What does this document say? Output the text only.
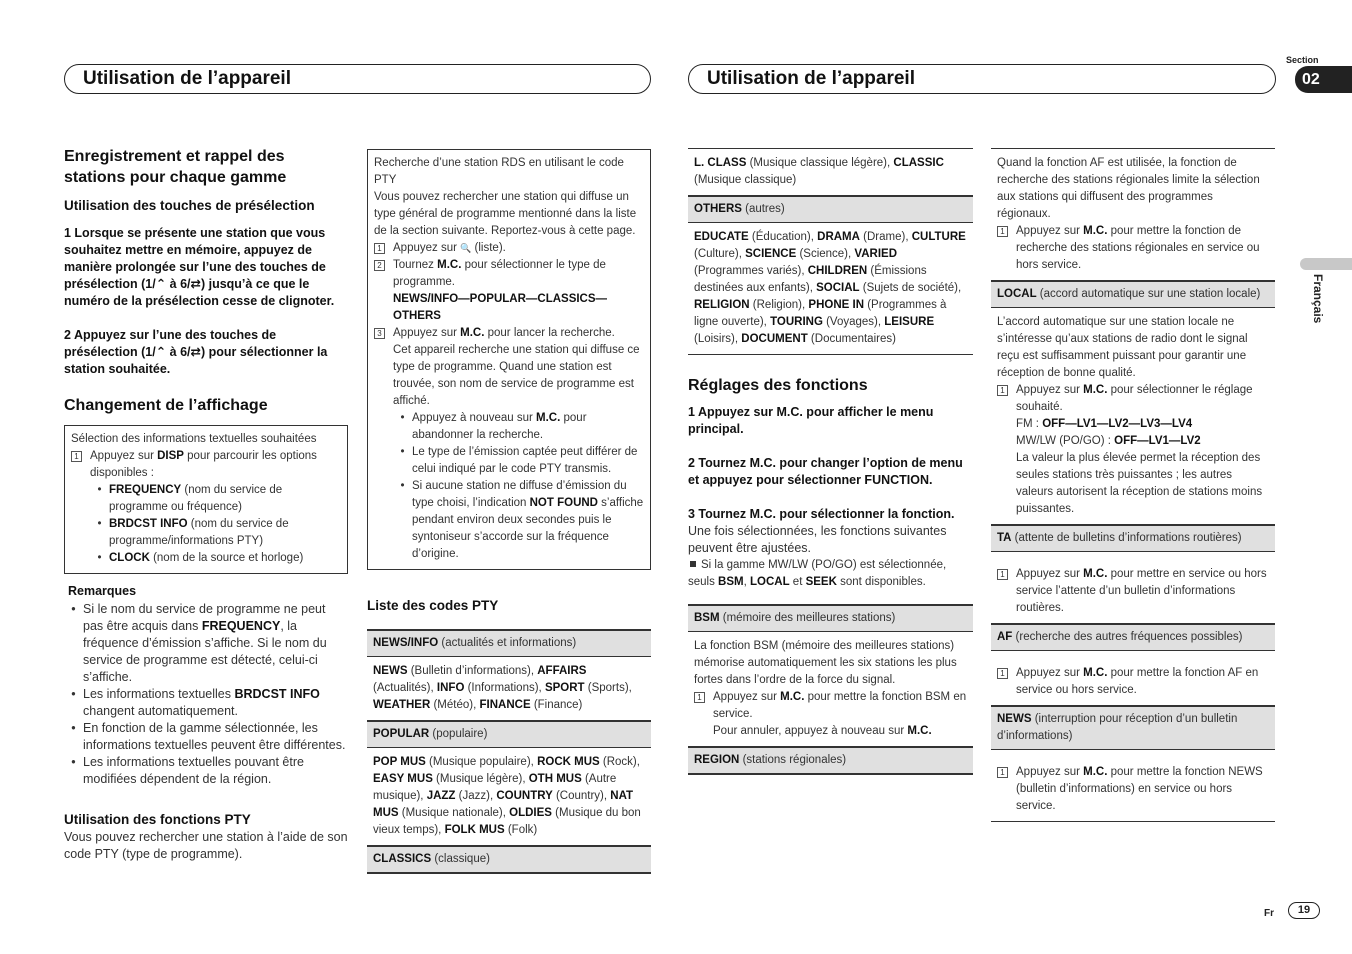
Utilisation de l’appareil	Utilisation de l’appareil
Section
02
Français
Fr	19
Enregistrement et rappel des stations pour chaque gamme
Utilisation des touches de présélection
1 Lorsque se présente une station que vous souhaitez mettre en mémoire, appuyez de manière prolongée sur l’une des touches de présélection (1/⌃ à 6/⇄) jusqu’à ce que le numéro de la présélection cesse de clignoter.
2 Appuyez sur l’une des touches de présélection (1/⌃ à 6/⇄) pour sélectionner la station souhaitée.
Changement de l’affichage
Sélection des informations textuelles souhaitées
1 Appuyez sur DISP pour parcourir les options disponibles :
• FREQUENCY (nom du service de programme ou fréquence)
• BRDCST INFO (nom du service de programme/informations PTY)
• CLOCK (nom de la source et horloge)
Remarques
• Si le nom du service de programme ne peut pas être acquis dans FREQUENCY, la fréquence d’émission s’affiche. Si le nom du service de programme est détecté, celui-ci s’affiche.
• Les informations textuelles BRDCST INFO changent automatiquement.
• En fonction de la gamme sélectionnée, les informations textuelles peuvent être différentes.
• Les informations textuelles pouvant être modifiées dépendent de la région.
Utilisation des fonctions PTY
Vous pouvez rechercher une station à l’aide de son code PTY (type de programme).
Recherche d’une station RDS en utilisant le code PTY
Vous pouvez rechercher une station qui diffuse un type général de programme mentionné dans la liste de la section suivante. Reportez-vous à cette page.
1 Appuyez sur 🔍 (liste).
2 Tournez M.C. pour sélectionner le type de programme.
NEWS/INFO—POPULAR—CLASSICS—OTHERS
3 Appuyez sur M.C. pour lancer la recherche.
Cet appareil recherche une station qui diffuse ce type de programme. Quand une station est trouvée, son nom de service de programme est affiché.
• Appuyez à nouveau sur M.C. pour abandonner la recherche.
• Le type de l’émission captée peut différer de celui indiqué par le code PTY transmis.
• Si aucune station ne diffuse d’émission du type choisi, l’indication NOT FOUND s’affiche pendant environ deux secondes puis le syntoniseur s’accorde sur la fréquence d’origine.
Liste des codes PTY
NEWS/INFO (actualités et informations)
NEWS (Bulletin d’informations), AFFAIRS (Actualités), INFO (Informations), SPORT (Sports), WEATHER (Météo), FINANCE (Finance)
POPULAR (populaire)
POP MUS (Musique populaire), ROCK MUS (Rock), EASY MUS (Musique légère), OTH MUS (Autre musique), JAZZ (Jazz), COUNTRY (Country), NAT MUS (Musique nationale), OLDIES (Musique du bon vieux temps), FOLK MUS (Folk)
CLASSICS (classique)
L. CLASS (Musique classique légère), CLASSIC (Musique classique)
OTHERS (autres)
EDUCATE (Éducation), DRAMA (Drame), CULTURE (Culture), SCIENCE (Science), VARIED (Programmes variés), CHILDREN (Émissions destinées aux enfants), SOCIAL (Sujets de société), RELIGION (Religion), PHONE IN (Programmes à ligne ouverte), TOURING (Voyages), LEISURE (Loisirs), DOCUMENT (Documentaires)
Réglages des fonctions
1 Appuyez sur M.C. pour afficher le menu principal.
2 Tournez M.C. pour changer l’option de menu et appuyez pour sélectionner FUNCTION.
3 Tournez M.C. pour sélectionner la fonction.
Une fois sélectionnées, les fonctions suivantes peuvent être ajustées.
Si la gamme MW/LW (PO/GO) est sélectionnée, seuls BSM, LOCAL et SEEK sont disponibles.
BSM (mémoire des meilleures stations)
La fonction BSM (mémoire des meilleures stations) mémorise automatiquement les six stations les plus fortes dans l’ordre de la force du signal.
1 Appuyez sur M.C. pour mettre la fonction BSM en service.
Pour annuler, appuyez à nouveau sur M.C.
REGION (stations régionales)
Quand la fonction AF est utilisée, la fonction de recherche des stations régionales limite la sélection aux stations qui diffusent des programmes régionaux.
1 Appuyez sur M.C. pour mettre la fonction de recherche des stations régionales en service ou hors service.
LOCAL (accord automatique sur une station locale)
L’accord automatique sur une station locale ne s’intéresse qu’aux stations de radio dont le signal reçu est suffisamment puissant pour garantir une réception de bonne qualité.
1 Appuyez sur M.C. pour sélectionner le réglage souhaité.
FM : OFF—LV1—LV2—LV3—LV4
MW/LW (PO/GO) : OFF—LV1—LV2
La valeur la plus élevée permet la réception des seules stations très puissantes ; les autres valeurs autorisent la réception de stations moins puissantes.
TA (attente de bulletins d’informations routières)
1 Appuyez sur M.C. pour mettre en service ou hors service l’attente d’un bulletin d’informations routières.
AF (recherche des autres fréquences possibles)
1 Appuyez sur M.C. pour mettre la fonction AF en service ou hors service.
NEWS (interruption pour réception d’un bulletin d’informations)
1 Appuyez sur M.C. pour mettre la fonction NEWS (bulletin d’informations) en service ou hors service.
